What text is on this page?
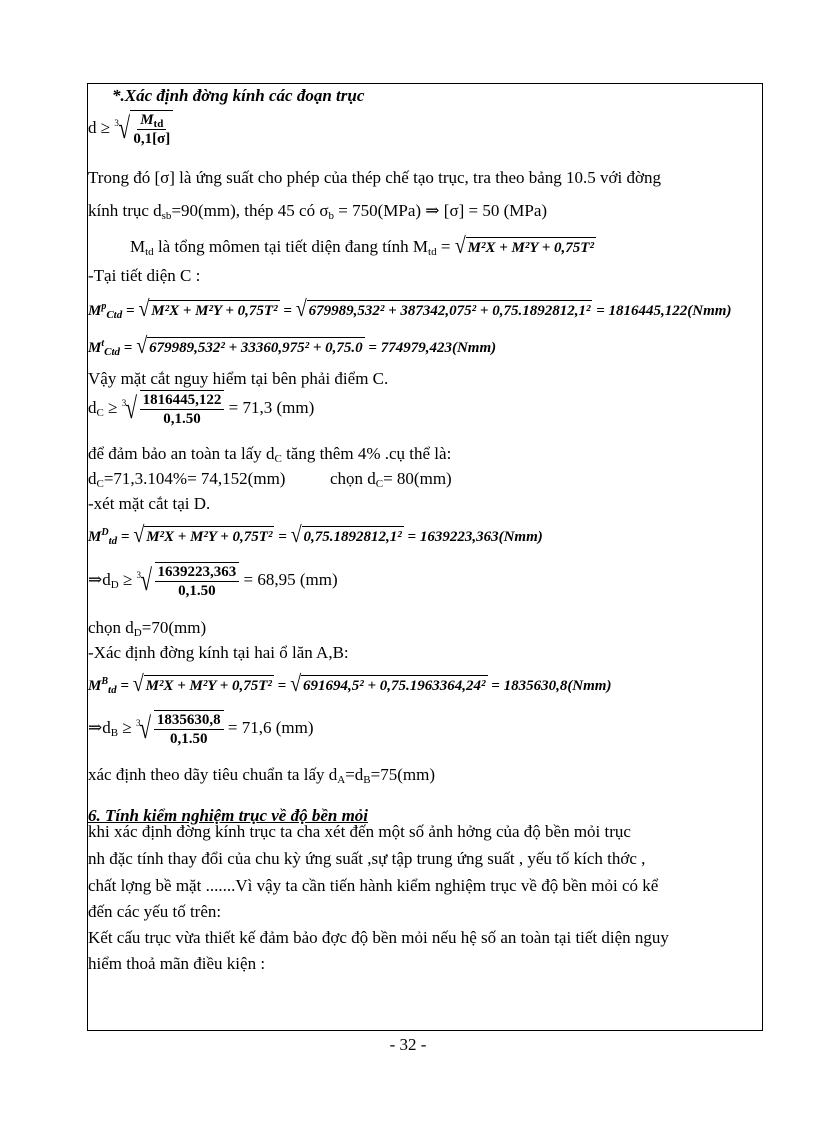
*.Xác định đờng kính các đoạn trục
d ≥ 3 √ $\frac{M_{td}}{0,1[\sigma]}$
Trong đó [σ] là ứng suất cho phép của thép chế tạo trục, tra theo bảng 10.5 với đờng
kính trục $d_{sb}=90(mm)$, thép 45 có $\sigma_b = 750(MPa)$ ⇒ [σ] = 50 (MPa)
$M_{td}$ là tổng mômen tại tiết diện đang tính $M_{td}$ = √ M²X + M²Y + 0,75T²
-Tại tiết diện C :
$M^p_{Ctd}$ = √ M²X + M²Y + 0,75T² = √ 679989,532² + 387342,075² + 0,75.1892812,1² = 1816445,122(Nmm)
$M^t_{Ctd}$ = √ 679989,532² + 33360,975² + 0,75.0 = 774979,423(Nmm)
Vậy mặt cắt nguy hiểm tại bên phải điểm C.
$d_C \ge 3$ √ $\frac{1816445,122}{0,1.50} = 71,3$ (mm)
để đảm bảo an toàn ta lấy $d_C$ tăng thêm 4% .cụ thể là:
$d_C=71,3.104\%= 74,152(mm)$	chọn $d_C= 80(mm)$
-xét mặt cắt tại D.
$M^D_{td}$ = √ M²X + M²Y + 0,75T² = √ 0,75.1892812,1² = 1639223,363(Nmm)
$\Rightarrow d_D \ge 3$ √ $\frac{1639223,363}{0,1.50} = 68,95$ (mm)
chọn $d_D=70(mm)$
-Xác định đờng kính tại hai ổ lăn A,B:
$M^B_{td}$ = √ M²X + M²Y + 0,75T² = √ 691694,5² + 0,75.1963364,24² = 1835630,8(Nmm)
$\Rightarrow d_B \ge 3$ √ $\frac{1835630,8}{0,1.50} = 71,6$ (mm)
xác định theo dãy tiêu chuẩn ta lấy $d_A=d_B=75(mm)$
6. Tính kiểm nghiệm trục về độ bền mỏi
khi xác định đờng kính trục ta cha xét đến một số ảnh hởng của độ bền mỏi trục
nh đặc tính thay đổi của chu kỳ ứng suất ,sự tập trung ứng suất , yếu tố kích thớc ,
chất lợng bề mặt .......Vì vậy ta cần tiến hành kiểm nghiệm trục về độ bền mỏi có kể
đến các yếu tố trên:
Kết cấu trục vừa thiết kế đảm bảo đợc độ bền mỏi nếu hệ số an toàn tại tiết diện nguy
hiểm thoả mãn điều kiện :
- 32 -
